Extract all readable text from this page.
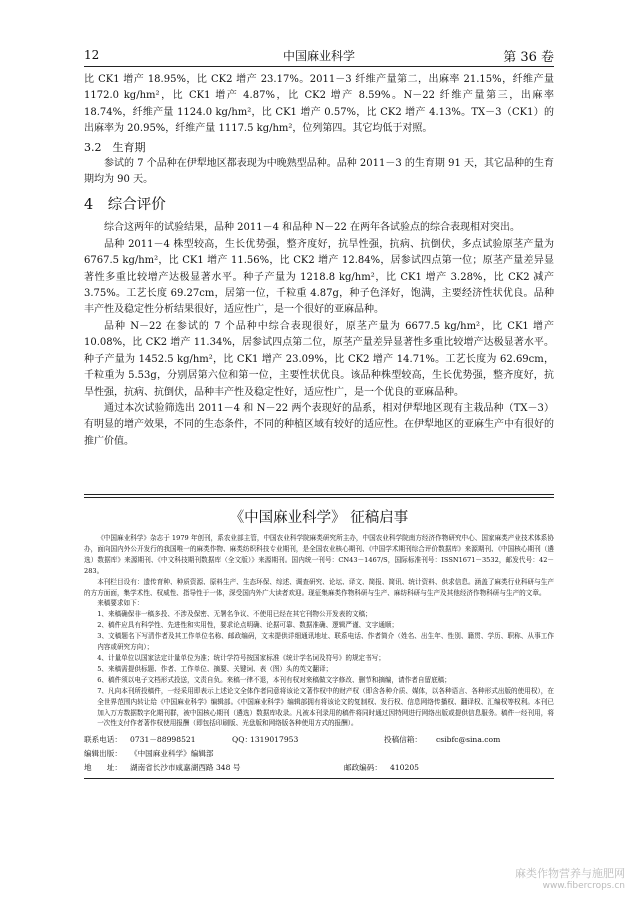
12	中国麻业科学	第 36 卷

比 CK1 增产 18.95%，比 CK2 增产 23.17%。2011－3 纤维产量第二，出麻率 21.15%，纤维产量 1172.0 kg/hm²，比 CK1 增产 4.87%，比 CK2 增产 8.59%。N－22 纤维产量第三，出麻率 18.74%，纤维产量 1124.0 kg/hm²，比 CK1 增产 0.57%，比 CK2 增产 4.13%。TX－3（CK1）的出麻率为 20.95%，纤维产量 1117.5 kg/hm²，位列第四。其它均低于对照。

3.2　生育期

参试的 7 个品种在伊犁地区都表现为中晚熟型品种。品种 2011－3 的生育期 91 天，其它品种的生育期均为 90 天。

4　综合评价

综合这两年的试验结果，品种 2011－4 和品种 N－22 在两年各试验点的综合表现相对突出。

品种 2011－4 株型较高，生长优势强，整齐度好，抗旱性强，抗病、抗倒伏，多点试验原茎产量为 6767.5 kg/hm²，比 CK1 增产 11.56%，比 CK2 增产 12.84%，居参试四点第一位；原茎产量差异显著性多重比较增产达极显著水平。种子产量为 1218.8 kg/hm²，比 CK1 增产 3.28%，比 CK2 减产 3.75%。工艺长度 69.27cm，居第一位，千粒重 4.87g，种子色泽好，饱满，主要经济性状优良。品种丰产性及稳定性分析结果很好，适应性广，是一个很好的亚麻品种。

品种 N－22 在参试的 7 个品种中综合表现很好，原茎产量为 6677.5 kg/hm²，比 CK1 增产 10.08%，比 CK2 增产 11.34%，居参试四点第二位，原茎产量差异显著性多重比较增产达极显著水平。种子产量为 1452.5 kg/hm²，比 CK1 增产 23.09%，比 CK2 增产 14.71%。工艺长度为 62.69cm，千粒重为 5.53g，分别居第六位和第一位，主要性状优良。该品种株型较高，生长优势强，整齐度好，抗旱性强，抗病、抗倒伏，品种丰产性及稳定性好，适应性广，是一个优良的亚麻品种。

通过本次试验筛选出 2011－4 和 N－22 两个表现好的品系，相对伊犁地区现有主栽品种（TX－3）有明显的增产效果，不同的生态条件，不同的种植区域有较好的适应性。在伊犁地区的亚麻生产中有很好的推广价值。

《中国麻业科学》 征稿启事

《中国麻业科学》杂志于 1979 年创刊，系农业部主管，中国农业科学院麻类研究所主办，中国农业科学院南方经济作物研究中心、国家麻类产业技术体系协办，面向国内外公开发行的我国唯一的麻类作物、麻类纺织科技专业期刊，是全国农业核心期刊、《中国学术期刊综合评价数据库》来源期刊、《中国核心期刊（遴选）数据库》来源期刊、《中文科技期刊数据库（全文版）》来源期刊。国内统一刊号：CN43－1467/S，国际标准刊号：ISSN1671－3532，邮发代号：42－283。

本刊栏目设有：遗传育种、种质资源、原料生产、生态环保、综述、调查研究、论坛、译文、简报、简讯、统计资料、供求信息。涵盖了麻类行业科研与生产的方方面面，集学术性、权威性、指导性于一体，深受国内外广大读者欢迎。现征集麻类作物科研与生产、麻纺科研与生产及其他经济作物科研与生产的文章。

来稿要求如下：

1、来稿确保非一稿多投、不涉及保密、无署名争议、不使用已经在其它刊物公开发表的文稿；
2、稿件应具有科学性、先进性和实用性，要求论点明确、论据可靠、数据准确、逻辑严谨、文字通顺；
3、文稿题名下写清作者及其工作单位名称、邮政编码，文末提供详细通讯地址、联系电话、作者简介（姓名、出生年、性别、籍贯、学历、职称、从事工作内容或研究方向）；
4、计量单位以国家法定计量单位为准；统计学符号按国家标准《统计学名词及符号》的规定书写；
5、来稿需提供标题、作者、工作单位、摘要、关键词、表（图）头的英文翻译；
6、稿件须以电子文档形式投送，文责自负。来稿一律不退，本刊有权对来稿做文字修改、删节和摘编，请作者自留底稿；
7、凡向本刊所投稿件，一经采用即表示上述论文全体作者同意将该论文著作权中的财产权（即含各种介质、媒体，以各种语言、各种形式出版的使用权），在全世界范围内转让给《中国麻业科学》编辑部。《中国麻业科学》编辑部拥有将该论文的复制权、发行权、信息网络传播权、翻译权、汇编权等权利。本刊已加入万方数据数字化期刊群，被中国核心期刊（遴选）数据库收录。凡被本刊录用的稿件将同时通过因特网进行网络出版或提供信息服务。稿件一经刊用，将一次性支付作者著作权使用报酬（即包括印刷版、光盘版和网络版各种使用方式的报酬）。
联系电话： 0731－88998521	QQ：
1319017953	投稿信箱： csibfc@sina.com
编辑出版： 《中国麻业科学》编辑部
地　　址： 湖南省长沙市咸嘉湖西路 348 号	邮政编码： 410205
麻类作物营养与施肥网
www.fibercrops.cn
